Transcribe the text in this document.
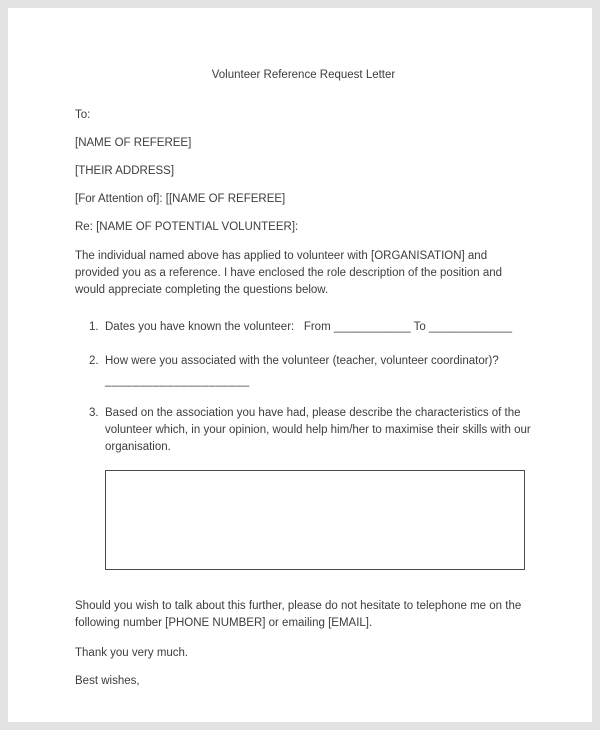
Volunteer Reference Request Letter
To:
[NAME OF REFEREE]
[THEIR ADDRESS]
[For Attention of]: [[NAME OF REFEREE]
Re: [NAME OF POTENTIAL VOLUNTEER]:

The individual named above has applied to volunteer with [ORGANISATION] and provided you as a reference. I have enclosed the role description of the position and would appreciate completing the questions below.

1. Dates you have known the volunteer:   From ____________ To _____________
2. How were you associated with the volunteer (teacher, volunteer coordinator)?
_____________________
3. Based on the association you have had, please describe the characteristics of the volunteer which, in your opinion, would help him/her to maximise their skills with our organisation.

Should you wish to talk about this further, please do not hesitate to telephone me on the following number [PHONE NUMBER] or emailing [EMAIL].

Thank you very much.
Best wishes,
